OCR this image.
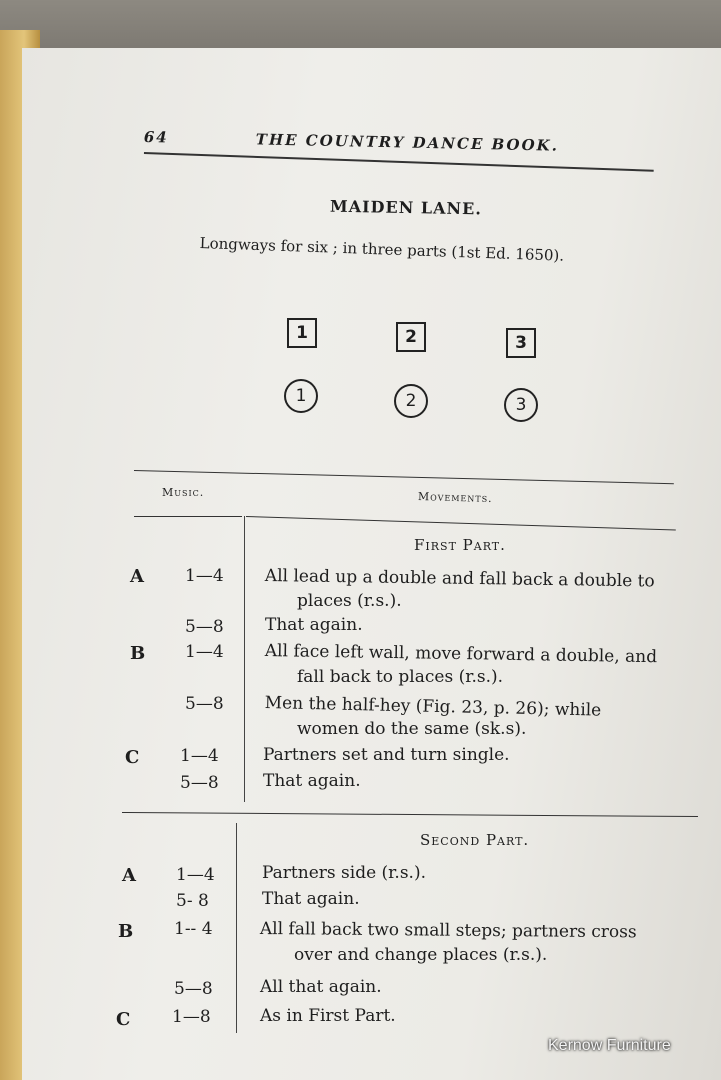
64	THE COUNTRY DANCE BOOK.
MAIDEN LANE.
Longways for six ; in three parts (1st Ed. 1650).
1	2	3
1	2	3
Music.	Movements.
First Part.
A 1—4 All lead up a double and fall back a double to
places (r.s.).
5—8 That again.
B 1—4 All face left wall, move forward a double, and
fall back to places (r.s.).
5—8 Men the half-hey (Fig. 23, p. 26); while
women do the same (sk.s).
C 1—4	Partners set and turn single.
5—8	That again.
Second Part.
A 1—4	Partners side (r.s.).
5- 8	That again.
B 1-- 4	All fall back two small steps; partners cross
over and change places (r.s.).
5—8	All that again.
C 1—8	As in First Part.
Kernow Furniture
